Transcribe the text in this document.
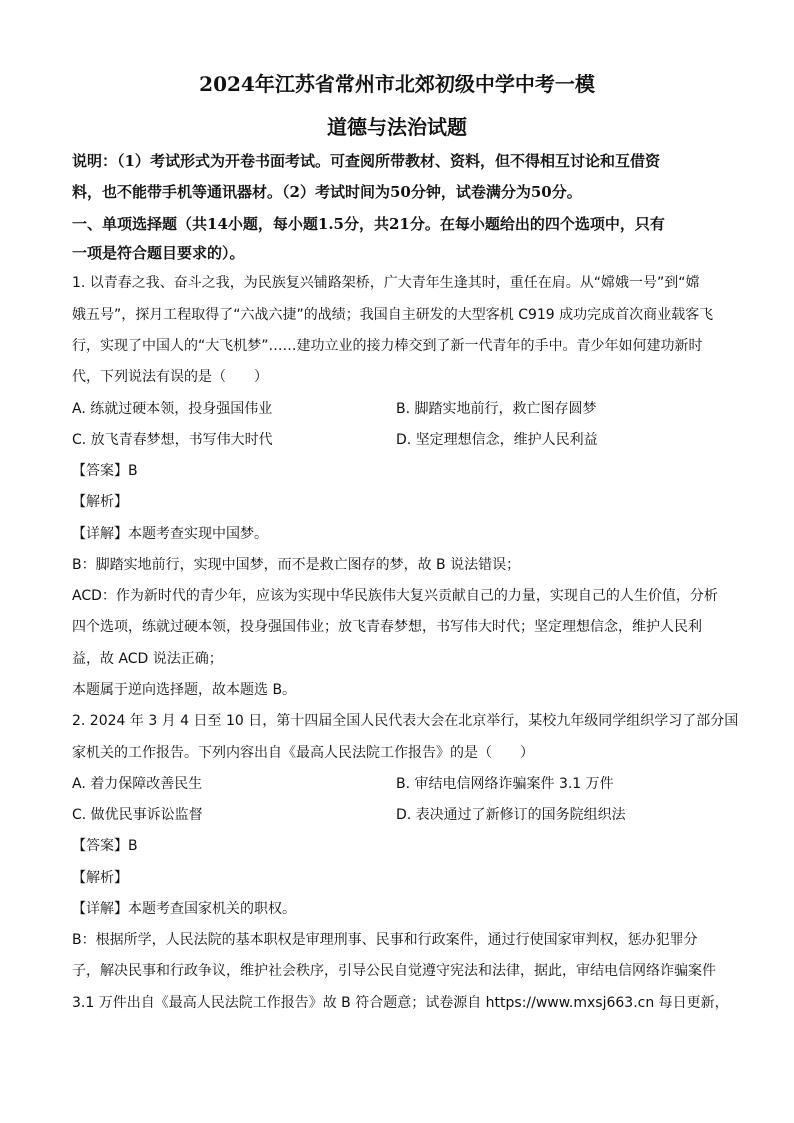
2024年江苏省常州市北郊初级中学中考一模
道德与法治试题
说明：（1）考试形式为开卷书面考试。可查阅所带教材、资料，但不得相互讨论和互借资
料，也不能带手机等通讯器材。（2）考试时间为50分钟，试卷满分为50分。
一、单项选择题（共14小题，每小题1.5分，共21分。在每小题给出的四个选项中，只有
一项是符合题目要求的）。
1. 以青春之我、奋斗之我，为民族复兴铺路架桥，广大青年生逢其时，重任在肩。从“嫦娥一号”到“嫦
娥五号”，探月工程取得了“六战六捷”的战绩；我国自主研发的大型客机 C919 成功完成首次商业载客飞
行，实现了中国人的“大飞机梦”……建功立业的接力棒交到了新一代青年的手中。青少年如何建功新时
代，下列说法有误的是（　　）
A. 练就过硬本领，投身强国伟业	B. 脚踏实地前行，救亡图存圆梦
C. 放飞青春梦想，书写伟大时代	D. 坚定理想信念，维护人民利益
【答案】B
【解析】
【详解】本题考查实现中国梦。
B：脚踏实地前行，实现中国梦，而不是救亡图存的梦，故 B 说法错误；
ACD：作为新时代的青少年，应该为实现中华民族伟大复兴贡献自己的力量，实现自己的人生价值，分析
四个选项，练就过硬本领，投身强国伟业；放飞青春梦想，书写伟大时代；坚定理想信念，维护人民利
益，故 ACD 说法正确；
本题属于逆向选择题，故本题选 B。
2. 2024 年 3 月 4 日至 10 日，第十四届全国人民代表大会在北京举行，某校九年级同学组织学习了部分国
家机关的工作报告。下列内容出自《最高人民法院工作报告》的是（　　）
A. 着力保障改善民生	B. 审结电信网络诈骗案件 3.1 万件
C. 做优民事诉讼监督	D. 表决通过了新修订的国务院组织法
【答案】B
【解析】
【详解】本题考查国家机关的职权。
B：根据所学，人民法院的基本职权是审理刑事、民事和行政案件，通过行使国家审判权，惩办犯罪分
子，解决民事和行政争议，维护社会秩序，引导公民自觉遵守宪法和法律，据此，审结电信网络诈骗案件
3.1 万件出自《最高人民法院工作报告》故 B 符合题意；试卷源自 https://www.mxsj663.cn 每日更新，
